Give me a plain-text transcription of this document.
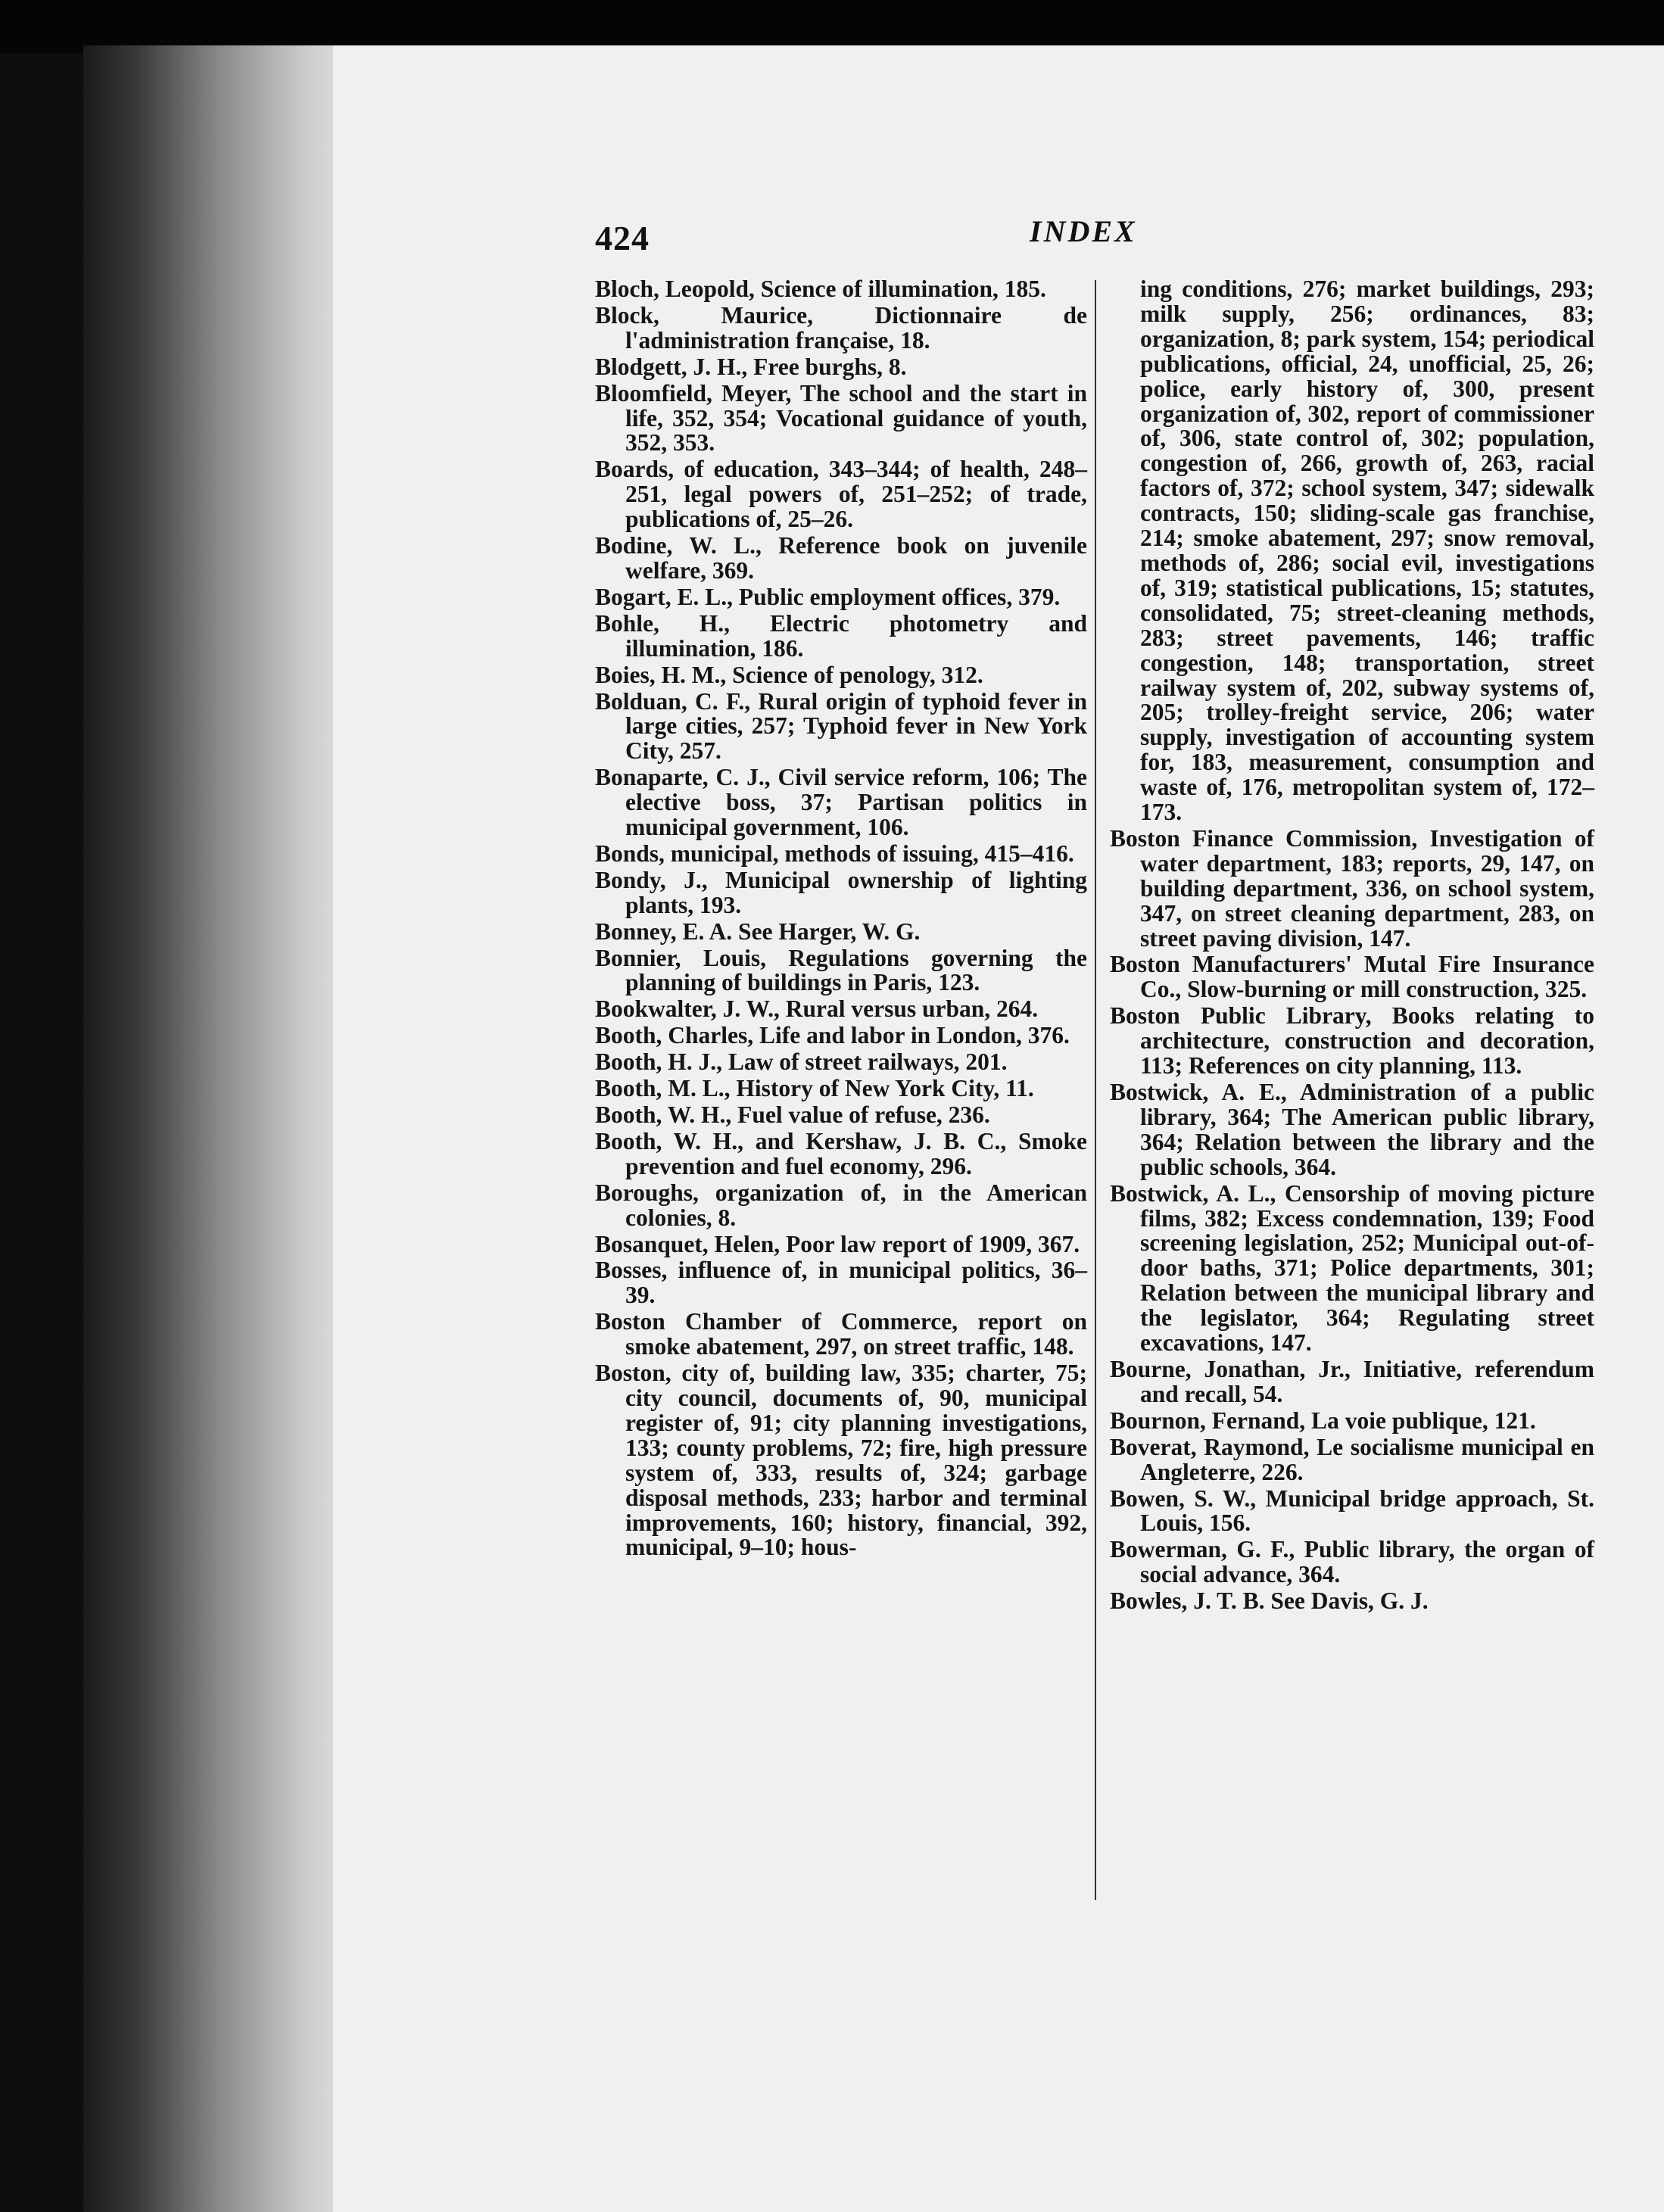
424	INDEX

Bloch, Leopold, Science of illumination, 185.

Block, Maurice, Dictionnaire de l'administration française, 18.

Blodgett, J. H., Free burghs, 8.

Bloomfield, Meyer, The school and the start in life, 352, 354; Vocational guidance of youth, 352, 353.

Boards, of education, 343–344; of health, 248–251, legal powers of, 251–252; of trade, publications of, 25–26.

Bodine, W. L., Reference book on juvenile welfare, 369.

Bogart, E. L., Public employment offices, 379.

Bohle, H., Electric photometry and illumination, 186.

Boies, H. M., Science of penology, 312.

Bolduan, C. F., Rural origin of typhoid fever in large cities, 257; Typhoid fever in New York City, 257.

Bonaparte, C. J., Civil service reform, 106; The elective boss, 37; Partisan politics in municipal government, 106.

Bonds, municipal, methods of issuing, 415–416.

Bondy, J., Municipal ownership of lighting plants, 193.

Bonney, E. A. See Harger, W. G.

Bonnier, Louis, Regulations governing the planning of buildings in Paris, 123.

Bookwalter, J. W., Rural versus urban, 264.

Booth, Charles, Life and labor in London, 376.

Booth, H. J., Law of street railways, 201.

Booth, M. L., History of New York City, 11.

Booth, W. H., Fuel value of refuse, 236.

Booth, W. H., and Kershaw, J. B. C., Smoke prevention and fuel economy, 296.

Boroughs, organization of, in the American colonies, 8.

Bosanquet, Helen, Poor law report of 1909, 367.

Bosses, influence of, in municipal politics, 36–39.

Boston Chamber of Commerce, report on smoke abatement, 297, on street traffic, 148.

Boston, city of, building law, 335; charter, 75; city council, documents of, 90, municipal register of, 91; city planning investigations, 133; county problems, 72; fire, high pressure system of, 333, results of, 324; garbage disposal methods, 233; harbor and terminal improvements, 160; history, financial, 392, municipal, 9–10; hous-

ing conditions, 276; market buildings, 293; milk supply, 256; ordinances, 83; organization, 8; park system, 154; periodical publications, official, 24, unofficial, 25, 26; police, early history of, 300, present organization of, 302, report of commissioner of, 306, state control of, 302; population, congestion of, 266, growth of, 263, racial factors of, 372; school system, 347; sidewalk contracts, 150; sliding-scale gas franchise, 214; smoke abatement, 297; snow removal, methods of, 286; social evil, investigations of, 319; statistical publications, 15; statutes, consolidated, 75; street-cleaning methods, 283; street pavements, 146; traffic congestion, 148; transportation, street railway system of, 202, subway systems of, 205; trolley-freight service, 206; water supply, investigation of accounting system for, 183, measurement, consumption and waste of, 176, metropolitan system of, 172–173.

Boston Finance Commission, Investigation of water department, 183; reports, 29, 147, on building department, 336, on school system, 347, on street cleaning department, 283, on street paving division, 147.

Boston Manufacturers' Mutal Fire Insurance Co., Slow-burning or mill construction, 325.

Boston Public Library, Books relating to architecture, construction and decoration, 113; References on city planning, 113.

Bostwick, A. E., Administration of a public library, 364; The American public library, 364; Relation between the library and the public schools, 364.

Bostwick, A. L., Censorship of moving picture films, 382; Excess condemnation, 139; Food screening legislation, 252; Municipal out-of-door baths, 371; Police departments, 301; Relation between the municipal library and the legislator, 364; Regulating street excavations, 147.

Bourne, Jonathan, Jr., Initiative, referendum and recall, 54.

Bournon, Fernand, La voie publique, 121.

Boverat, Raymond, Le socialisme municipal en Angleterre, 226.

Bowen, S. W., Municipal bridge approach, St. Louis, 156.

Bowerman, G. F., Public library, the organ of social advance, 364.

Bowles, J. T. B. See Davis, G. J.
